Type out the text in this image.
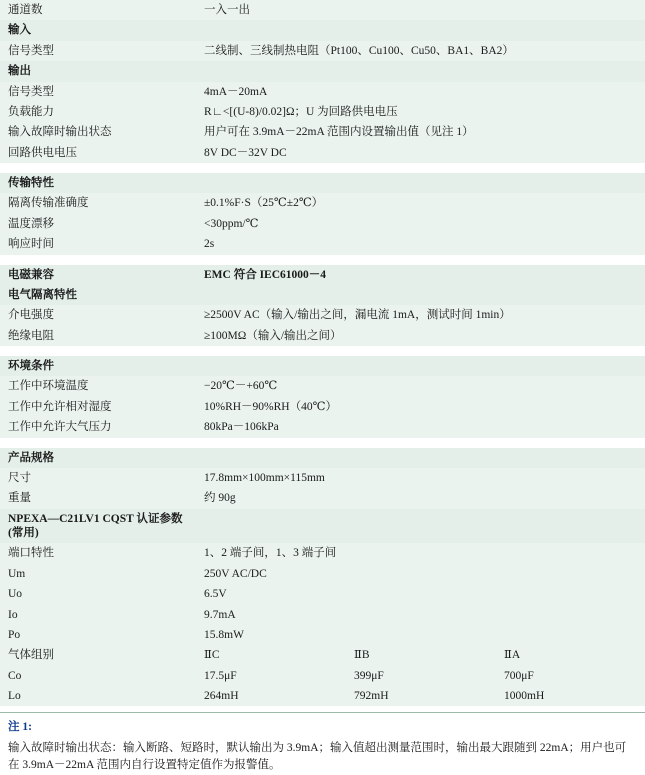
通道数	一入一出		
输入			
信号类型	二线制、三线制热电阻（Pt100、Cu100、Cu50、BA1、BA2）		
输出			
信号类型	4mA－20mA		
负载能力	R∟<[(U-8)/0.02]Ω；U 为回路供电电压		
输入故障时输出状态	用户可在 3.9mA－22mA 范围内设置输出值（见注 1）		
回路供电电压	8V DC－32V DC		

传输特性			
隔离传输准确度	±0.1%F·S（25℃±2℃）		
温度漂移	<30ppm/℃		
响应时间	2s		

电磁兼容	EMC 符合 IEC61000－4		
电气隔离特性			
介电强度	≥2500V AC（输入/输出之间，漏电流 1mA，测试时间 1min）		
绝缘电阻	≥100MΩ（输入/输出之间）		

环境条件			
工作中环境温度	−20℃－+60℃		
工作中允许相对湿度	10%RH－90%RH（40℃）		
工作中允许大气压力	80kPa－106kPa		

产品规格			
尺寸	17.8mm×100mm×115mm		
重量	约 90g		
NPEXA—C21LV1 CQST 认证参数(常用)			
端口特性	1、2 端子间，1、3 端子间		
Um	250V AC/DC		
Uo	6.5V		
Io	9.7mA		
Po	15.8mW		
气体组别	ⅡC	ⅡB	ⅡA
Co	17.5μF	399μF	700μF
Lo	264mH	792mH	1000mH
注 1:
输入故障时输出状态：输入断路、短路时，默认输出为 3.9mA；输入值超出测量范围时，输出最大跟随到 22mA；用户也可在 3.9mA－22mA 范围内自行设置特定值作为报警值。
